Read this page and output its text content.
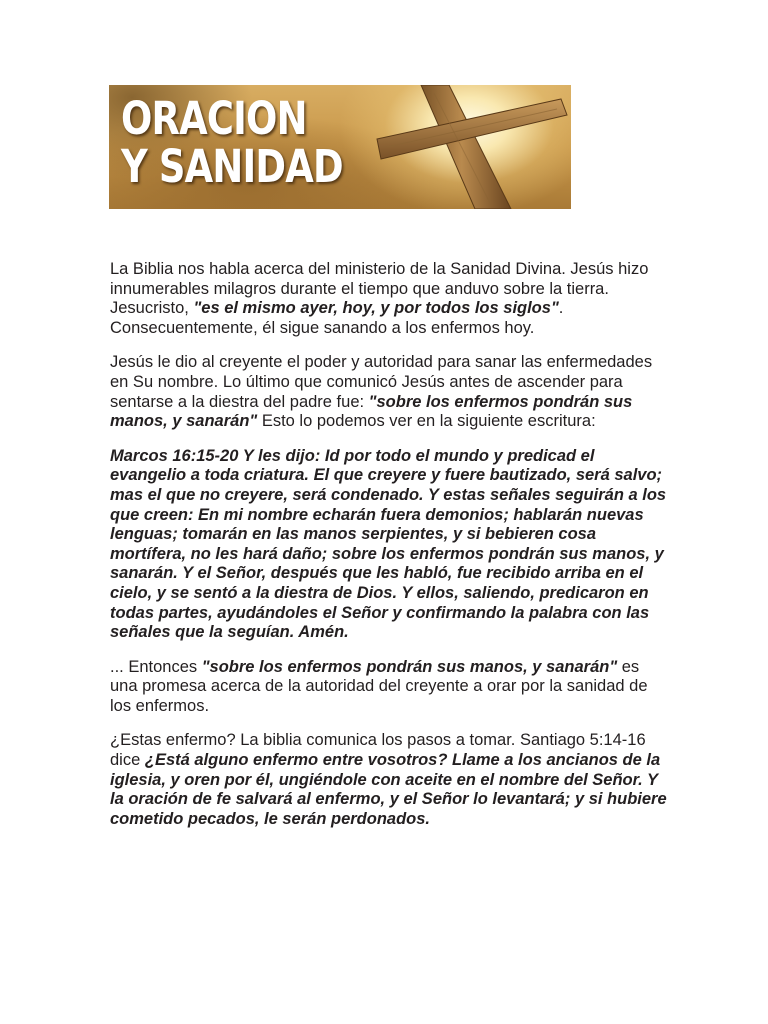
ORACION
Y SANIDAD

La Biblia nos habla acerca del ministerio de la Sanidad Divina. Jesús hizo innumerables milagros durante el tiempo que anduvo sobre la tierra. Jesucristo, "es el mismo ayer, hoy, y por todos los siglos". Consecuentemente, él sigue sanando a los enfermos hoy.

Jesús le dio al creyente el poder y autoridad para sanar las enfermedades en Su nombre. Lo último que comunicó Jesús antes de ascender para sentarse a la diestra del padre fue: "sobre los enfermos pondrán sus manos, y sanarán" Esto lo podemos ver en la siguiente escritura:

Marcos 16:15-20 Y les dijo: Id por todo el mundo y predicad el evangelio a toda criatura. El que creyere y fuere bautizado, será salvo; mas el que no creyere, será condenado. Y estas señales seguirán a los que creen: En mi nombre echarán fuera demonios; hablarán nuevas lenguas; tomarán en las manos serpientes, y si bebieren cosa mortífera, no les hará daño; sobre los enfermos pondrán sus manos, y sanarán. Y el Señor, después que les habló, fue recibido arriba en el cielo, y se sentó a la diestra de Dios. Y ellos, saliendo, predicaron en todas partes, ayudándoles el Señor y confirmando la palabra con las señales que la seguían. Amén.

... Entonces "sobre los enfermos pondrán sus manos, y sanarán" es una promesa acerca de la autoridad del creyente a orar por la sanidad de los enfermos.

¿Estas enfermo? La biblia comunica los pasos a tomar. Santiago 5:14-16 dice ¿Está alguno enfermo entre vosotros? Llame a los ancianos de la iglesia, y oren por él, ungiéndole con aceite en el nombre del Señor. Y la oración de fe salvará al enfermo, y el Señor lo levantará; y si hubiere cometido pecados, le serán perdonados.
